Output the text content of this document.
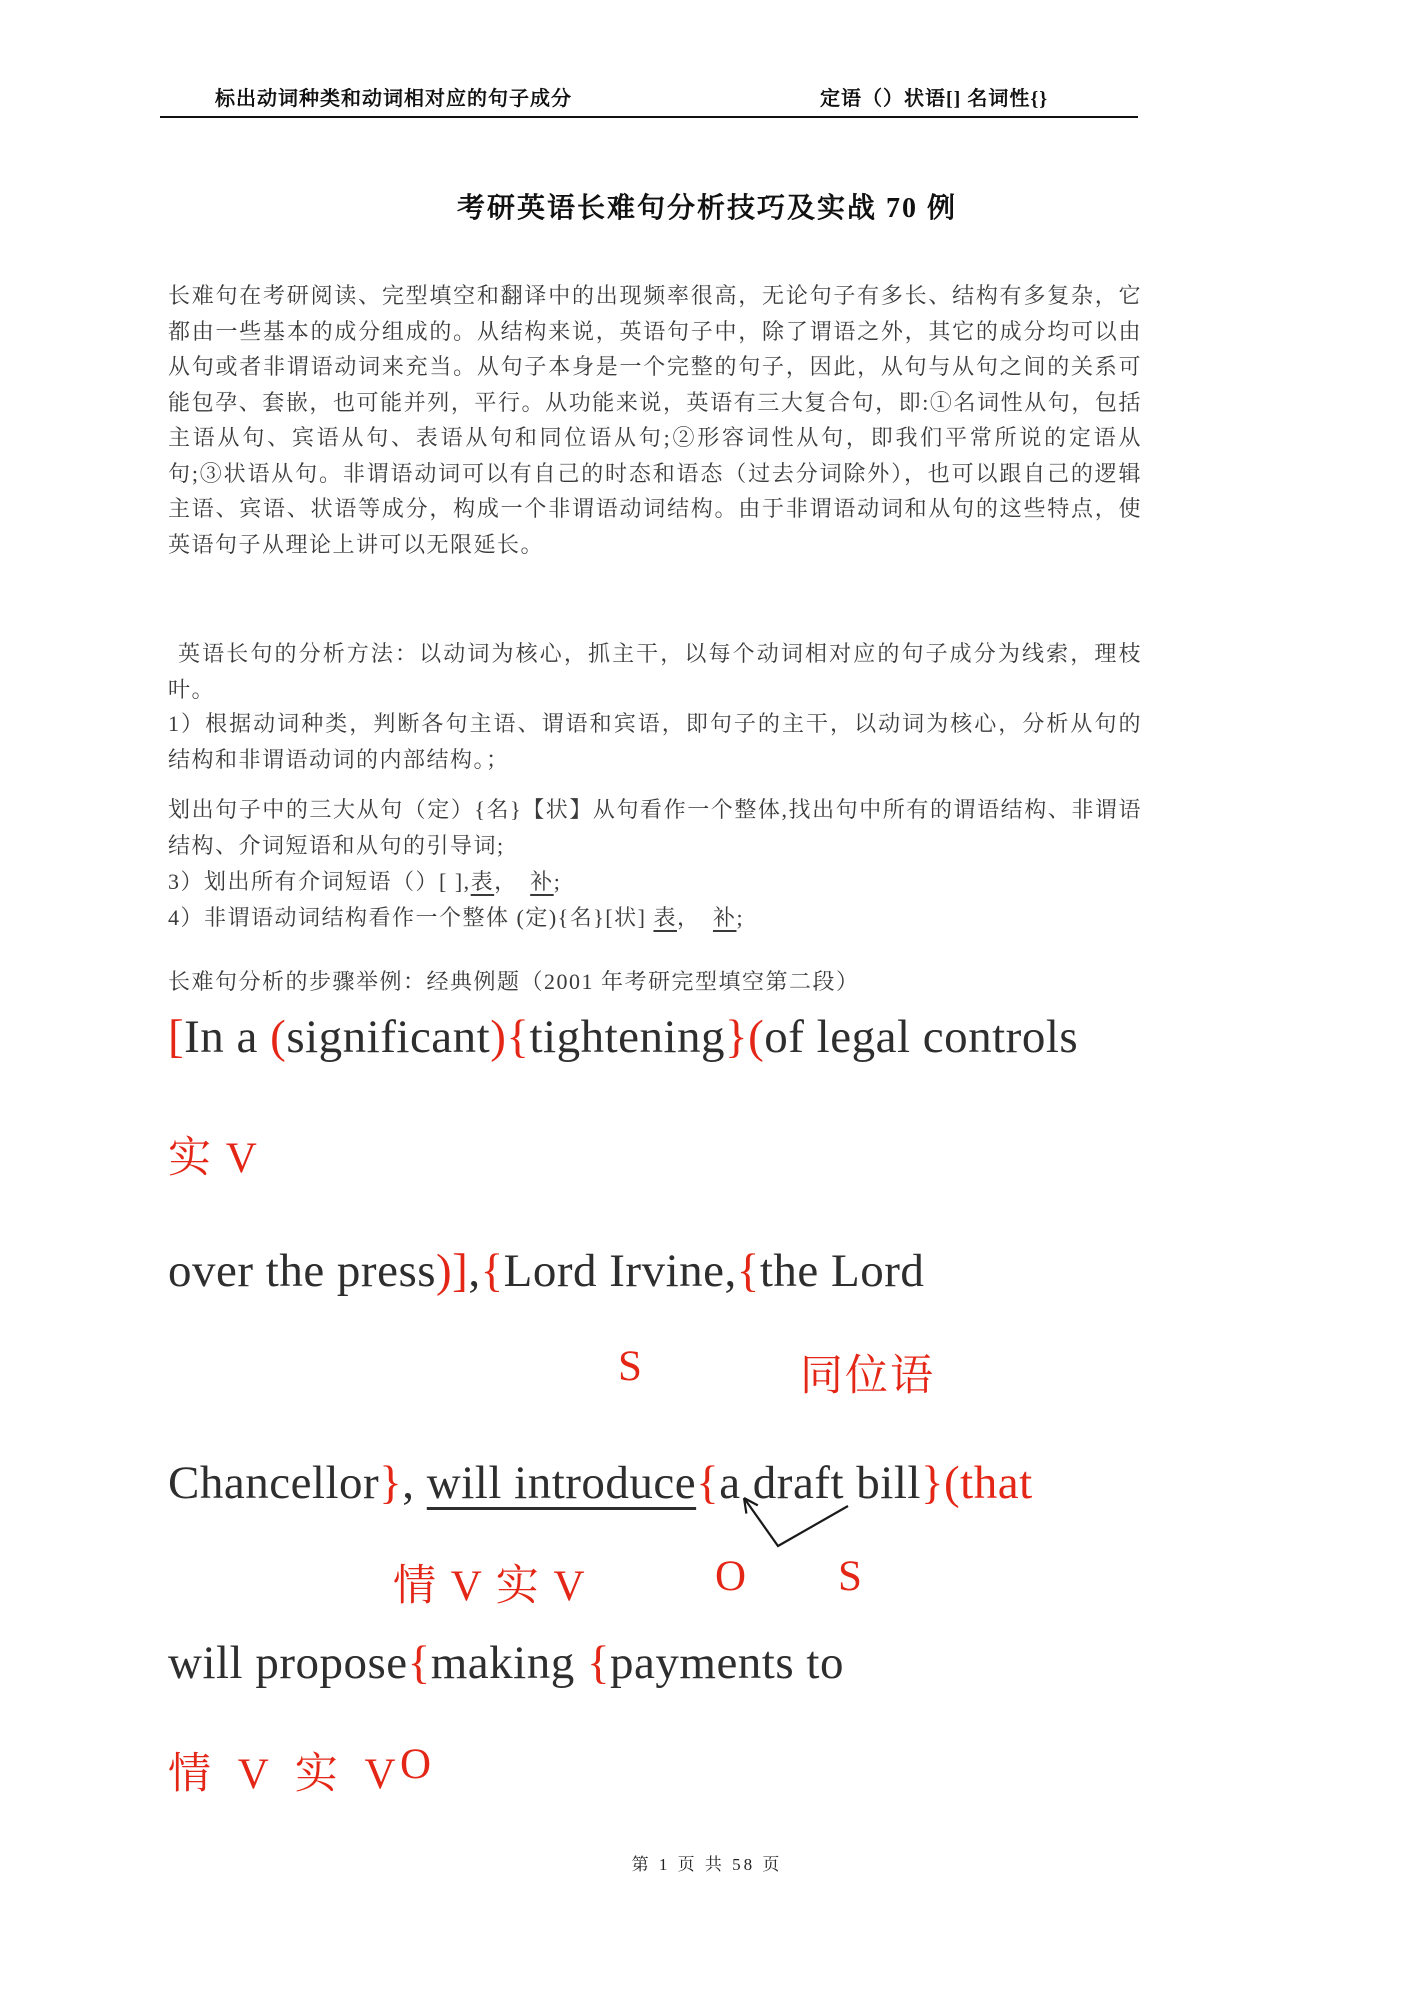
标出动词种类和动词相对应的句子成分	定语（）状语[] 名词性{}
考研英语长难句分析技巧及实战 70 例
长难句在考研阅读、完型填空和翻译中的出现频率很高，无论句子有多长、结构有多复杂，它都由一些基本的成分组成的。从结构来说，英语句子中，除了谓语之外，其它的成分均可以由从句或者非谓语动词来充当。从句子本身是一个完整的句子，因此，从句与从句之间的关系可能包孕、套嵌，也可能并列，平行。从功能来说，英语有三大复合句，即:①名词性从句，包括主语从句、宾语从句、表语从句和同位语从句;②形容词性从句，即我们平常所说的定语从句;③状语从句。非谓语动词可以有自己的时态和语态（过去分词除外），也可以跟自己的逻辑主语、宾语、状语等成分，构成一个非谓语动词结构。由于非谓语动词和从句的这些特点，使英语句子从理论上讲可以无限延长。
英语长句的分析方法：以动词为核心，抓主干，以每个动词相对应的句子成分为线索，理枝叶。
1）根据动词种类，判断各句主语、谓语和宾语，即句子的主干，以动词为核心，分析从句的结构和非谓语动词的内部结构。；
划出句子中的三大从句（定）{名}【状】从句看作一个整体,找出句中所有的谓语结构、非谓语结构、介词短语和从句的引导词;
3）划出所有介词短语（）[ ],表，　补;
4）非谓语动词结构看作一个整体 (定){名}[状] 表，　补;
长难句分析的步骤举例：经典例题（2001 年考研完型填空第二段）
[In a (significant){tightening}(of legal controls
实 V
over the press)],{Lord Irvine,{the Lord
S	同位语
Chancellor}, will introduce{a draft bill}(that
情 V 实 V	O S
will propose{making {payments to
情 V 实 V
O
第 1 页 共 58 页
